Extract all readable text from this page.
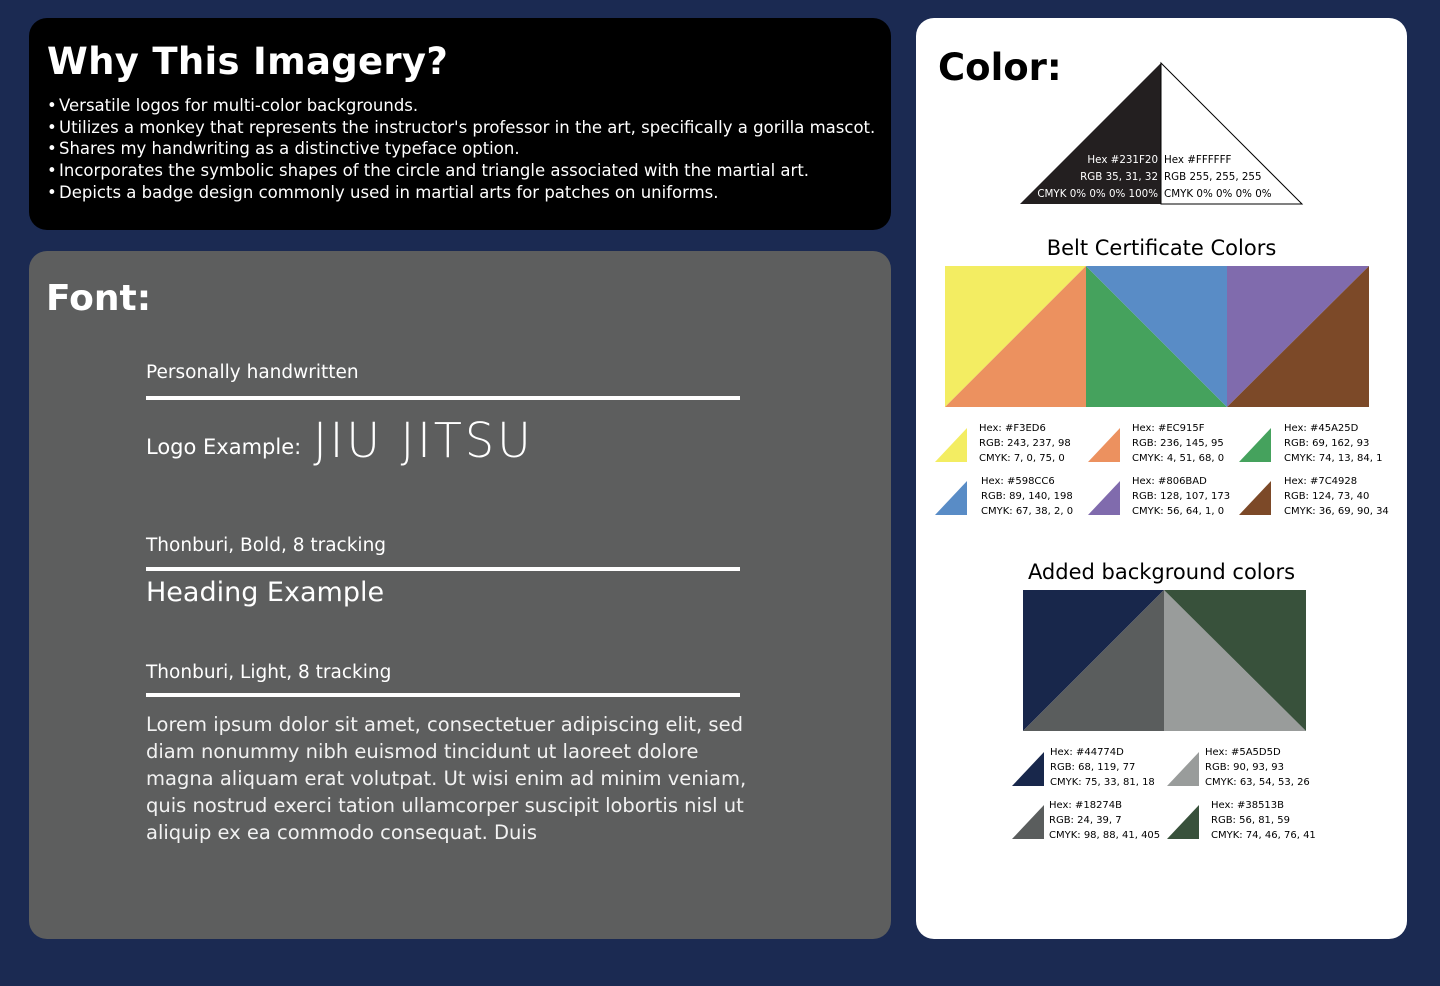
Why This Imagery?
• Versatile logos for multi-color backgrounds.
• Utilizes a monkey that represents the instructor's professor in the art, specifically a gorilla mascot.
• Shares my handwriting as a distinctive typeface option.
• Incorporates the symbolic shapes of the circle and triangle associated with the martial art.
• Depicts a badge design commonly used in martial arts for patches on uniforms.
Font:
Personally handwritten
Logo Example: JIU JITSU
Thonburi, Bold, 8 tracking
Heading Example
Thonburi, Light, 8 tracking
Lorem ipsum dolor sit amet, consectetuer adipiscing elit, sed diam nonummy nibh euismod tincidunt ut laoreet dolore magna aliquam erat volutpat. Ut wisi enim ad minim veniam, quis nostrud exerci tation ullamcorper suscipit lobortis nisl ut aliquip ex ea commodo consequat. Duis
Color:
Hex #231F20
RGB 35, 31, 32
CMYK 0% 0% 0% 100%
Hex #FFFFFF
RGB 255, 255, 255
CMYK 0% 0% 0% 0%
Belt Certificate Colors
Hex: #F3ED6
RGB: 243, 237, 98
CMYK: 7, 0, 75, 0
Hex: #EC915F
RGB: 236, 145, 95
CMYK: 4, 51, 68, 0
Hex: #45A25D
RGB: 69, 162, 93
CMYK: 74, 13, 84, 1
Hex: #598CC6
RGB: 89, 140, 198
CMYK: 67, 38, 2, 0
Hex: #806BAD
RGB: 128, 107, 173
CMYK: 56, 64, 1, 0
Hex: #7C4928
RGB: 124, 73, 40
CMYK: 36, 69, 90, 34
Added background colors
Hex: #44774D
RGB: 68, 119, 77
CMYK: 75, 33, 81, 18
Hex: #5A5D5D
RGB: 90, 93, 93
CMYK: 63, 54, 53, 26
Hex: #18274B
RGB: 24, 39, 7
CMYK: 98, 88, 41, 405
Hex: #38513B
RGB: 56, 81, 59
CMYK: 74, 46, 76, 41
